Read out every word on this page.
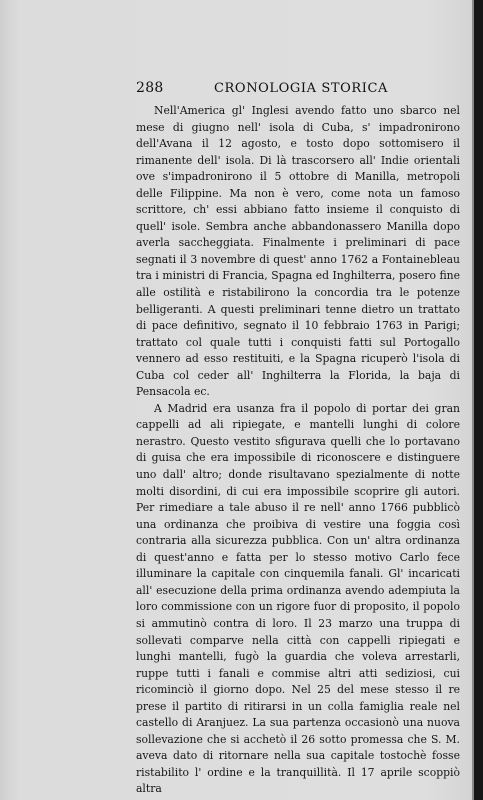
288	CRONOLOGIA STORICA

Nell'America gl' Inglesi avendo fatto uno sbarco nel mese di giugno nell' isola di Cuba, s' impadronirono dell'Avana il 12 agosto, e tosto dopo sottomisero il rimanente dell' isola. Di là trascorsero all' Indie orientali ove s'impadronirono il 5 ottobre di Manilla, metropoli delle Filippine. Ma non è vero, come nota un famoso scrittore, ch' essi abbiano fatto insieme il conquisto di quell' isole. Sembra anche abbandonassero Manilla dopo averla saccheggiata. Finalmente i preliminari di pace segnati il 3 novembre di quest' anno 1762 a Fontainebleau tra i ministri di Francia, Spagna ed Inghilterra, posero fine alle ostilità e ristabilirono la concordia tra le potenze belligeranti. A questi preliminari tenne dietro un trattato di pace definitivo, segnato il 10 febbraio 1763 in Parigi; trattato col quale tutti i conquisti fatti sul Portogallo vennero ad esso restituiti, e la Spagna ricuperò l'isola di Cuba col ceder all' Inghilterra la Florida, la baja di Pensacola ec.

A Madrid era usanza fra il popolo di portar dei gran cappelli ad ali ripiegate, e mantelli lunghi di colore nerastro. Questo vestito sfigurava quelli che lo portavano di guisa che era impossibile di riconoscere e distinguere uno dall' altro; donde risultavano spezialmente di notte molti disordini, di cui era impossibile scoprire gli autori. Per rimediare a tale abuso il re nell' anno 1766 pubblicò una ordinanza che proibiva di vestire una foggia così contraria alla sicurezza pubblica. Con un' altra ordinanza di quest'anno e fatta per lo stesso motivo Carlo fece illuminare la capitale con cinquemila fanali. Gl' incaricati all' esecuzione della prima ordinanza avendo adempiuta la loro commissione con un rigore fuor di proposito, il popolo si ammutinò contra di loro. Il 23 marzo una truppa di sollevati comparve nella città con cappelli ripiegati e lunghi mantelli, fugò la guardia che voleva arrestarli, ruppe tutti i fanali e commise altri atti sediziosi, cui ricominciò il giorno dopo. Nel 25 del mese stesso il re prese il partito di ritirarsi in un colla famiglia reale nel castello di Aranjuez. La sua partenza occasionò una nuova sollevazione che si acchetò il 26 sotto promessa che S. M. aveva dato di ritornare nella sua capitale tostochè fosse ristabilito l' ordine e la tranquillità. Il 17 aprile scoppiò altra
